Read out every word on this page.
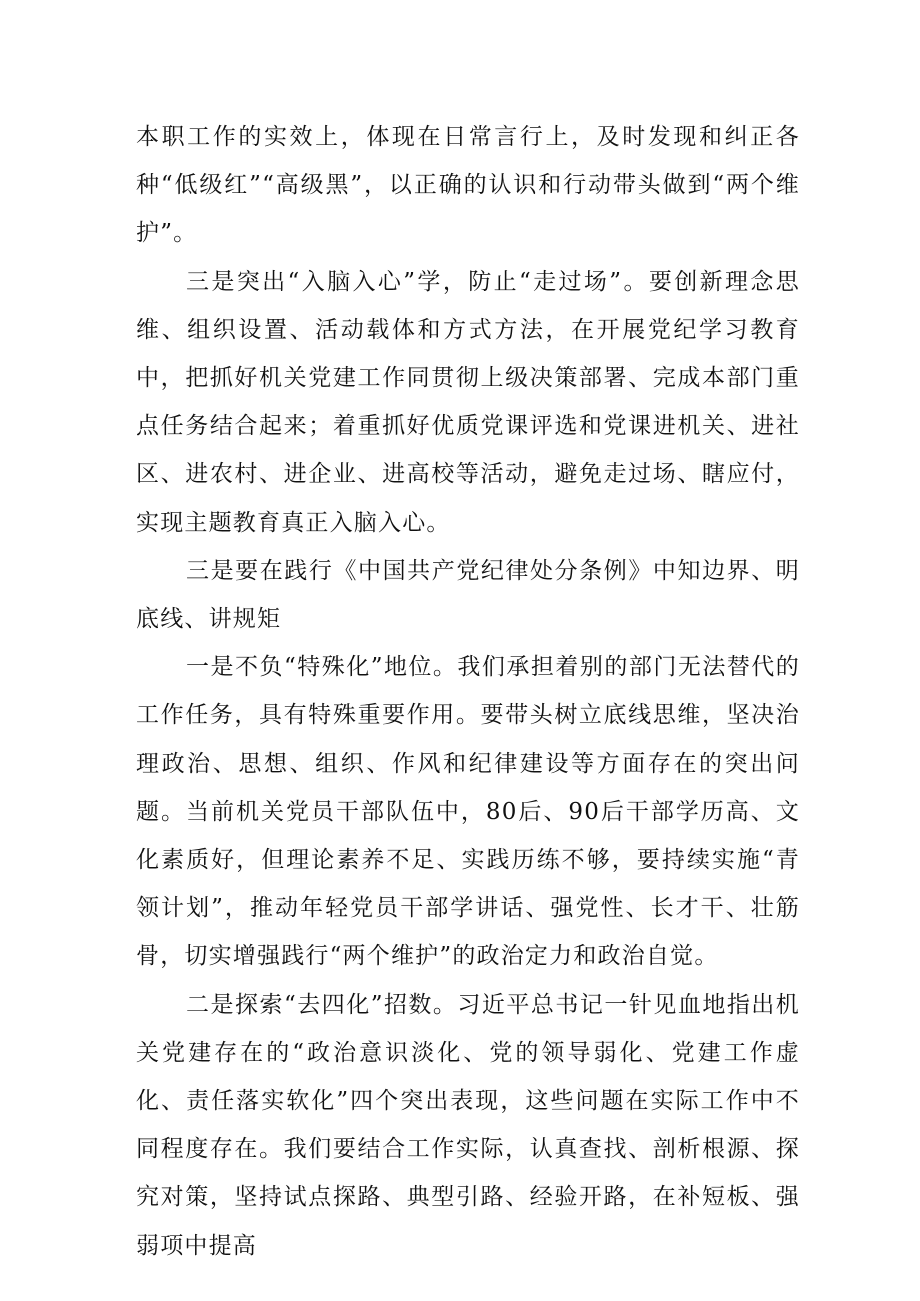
本职工作的实效上，体现在日常言行上，及时发现和纠正各种“低级红”“高级黑”，以正确的认识和行动带头做到“两个维护”。

三是突出“入脑入心”学，防止“走过场”。要创新理念思维、组织设置、活动载体和方式方法，在开展党纪学习教育中，把抓好机关党建工作同贯彻上级决策部署、完成本部门重点任务结合起来；着重抓好优质党课评选和党课进机关、进社区、进农村、进企业、进高校等活动，避免走过场、瞎应付，实现主题教育真正入脑入心。

三是要在践行《中国共产党纪律处分条例》中知边界、明底线、讲规矩

一是不负“特殊化”地位。我们承担着别的部门无法替代的工作任务，具有特殊重要作用。要带头树立底线思维，坚决治理政治、思想、组织、作风和纪律建设等方面存在的突出问题。当前机关党员干部队伍中，80后、90后干部学历高、文化素质好，但理论素养不足、实践历练不够，要持续实施“青领计划”，推动年轻党员干部学讲话、强党性、长才干、壮筋骨，切实增强践行“两个维护”的政治定力和政治自觉。

二是探索“去四化”招数。习近平总书记一针见血地指出机关党建存在的“政治意识淡化、党的领导弱化、党建工作虚化、责任落实软化”四个突出表现，这些问题在实际工作中不同程度存在。我们要结合工作实际，认真查找、剖析根源、探究对策，坚持试点探路、典型引路、经验开路，在补短板、强弱项中提高
